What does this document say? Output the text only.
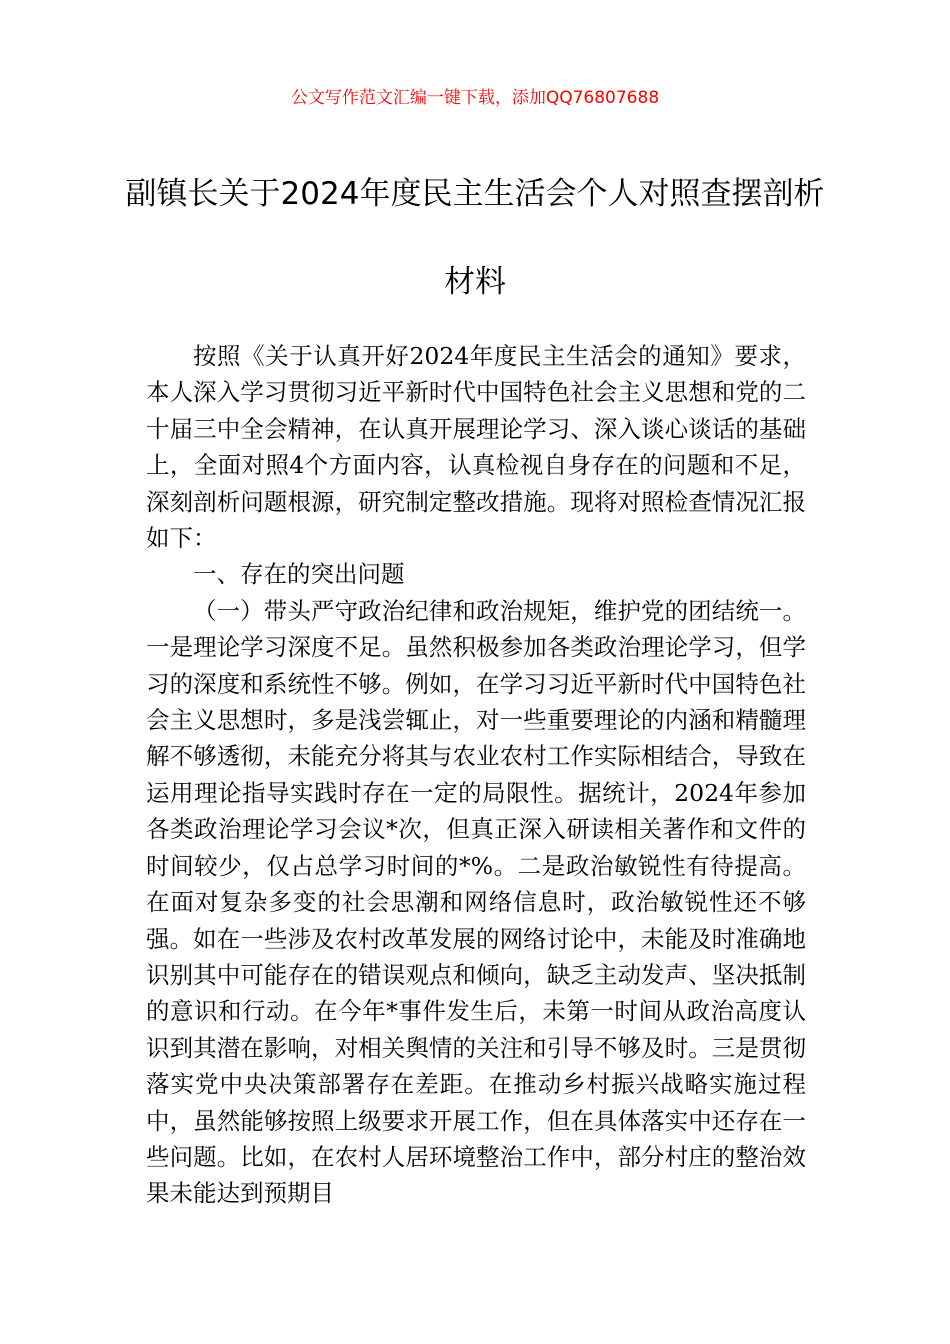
公文写作范文汇编一键下载，添加QQ76807688
副镇长关于2024年度民主生活会个人对照查摆剖析材料

按照《关于认真开好2024年度民主生活会的通知》要求，本人深入学习贯彻习近平新时代中国特色社会主义思想和党的二十届三中全会精神，在认真开展理论学习、深入谈心谈话的基础上，全面对照4个方面内容，认真检视自身存在的问题和不足，深刻剖析问题根源，研究制定整改措施。现将对照检查情况汇报如下：

一、存在的突出问题

（一）带头严守政治纪律和政治规矩，维护党的团结统一。一是理论学习深度不足。虽然积极参加各类政治理论学习，但学习的深度和系统性不够。例如，在学习习近平新时代中国特色社会主义思想时，多是浅尝辄止，对一些重要理论的内涵和精髓理解不够透彻，未能充分将其与农业农村工作实际相结合，导致在运用理论指导实践时存在一定的局限性。据统计，2024年参加各类政治理论学习会议*次，但真正深入研读相关著作和文件的时间较少，仅占总学习时间的*%。二是政治敏锐性有待提高。在面对复杂多变的社会思潮和网络信息时，政治敏锐性还不够强。如在一些涉及农村改革发展的网络讨论中，未能及时准确地识别其中可能存在的错误观点和倾向，缺乏主动发声、坚决抵制的意识和行动。在今年*事件发生后，未第一时间从政治高度认识到其潜在影响，对相关舆情的关注和引导不够及时。三是贯彻落实党中央决策部署存在差距。在推动乡村振兴战略实施过程中，虽然能够按照上级要求开展工作，但在具体落实中还存在一些问题。比如，在农村人居环境整治工作中，部分村庄的整治效果未能达到预期目
